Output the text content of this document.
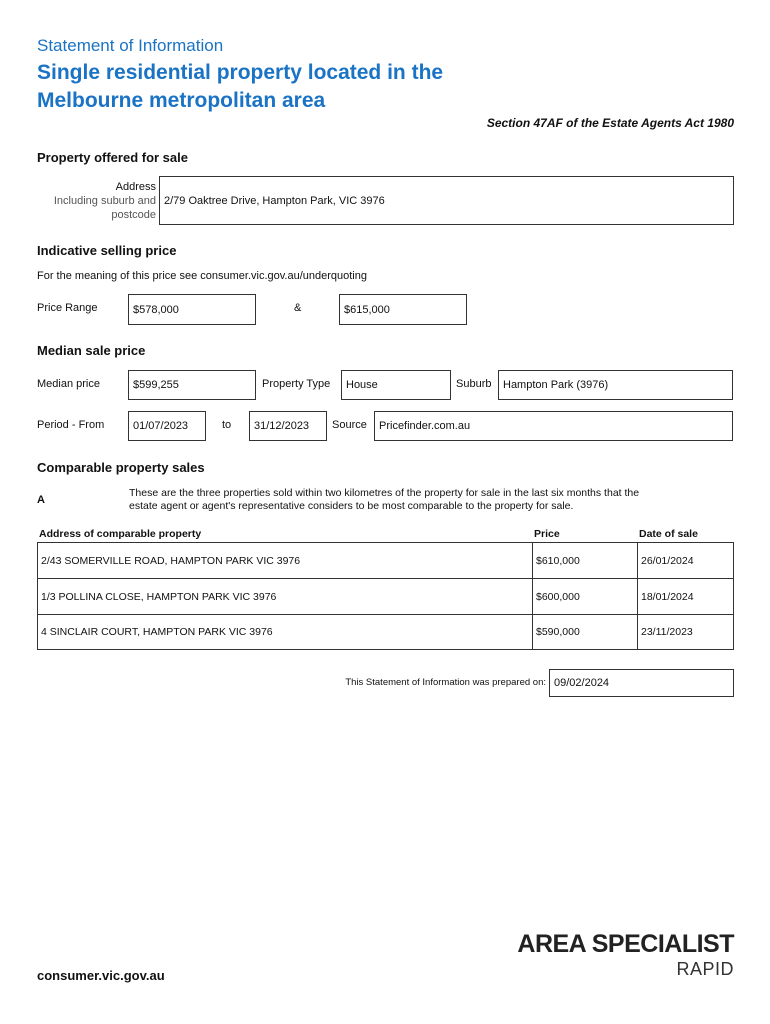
Statement of Information
Single residential property located in the
Melbourne metropolitan area
Section 47AF of the Estate Agents Act 1980
Property offered for sale
Address
Including suburb and
postcode
2/79 Oaktree Drive, Hampton Park, VIC 3976
Indicative selling price
For the meaning of this price see consumer.vic.gov.au/underquoting
Price Range	$578,000	&	$615,000
Median sale price
Median price	$599,255	Property Type House	Suburb Hampton Park (3976)
Period - From	01/07/2023	to 31/12/2023 Source Pricefinder.com.au
Comparable property sales
A
These are the three properties sold within two kilometres of the property for sale in the last six months that the
estate agent or agent's representative considers to be most comparable to the property for sale.
Address of comparable property	Price	Date of sale
2/43 SOMERVILLE ROAD, HAMPTON PARK VIC 3976	$610,000	26/01/2024
1/3 POLLINA CLOSE, HAMPTON PARK VIC 3976	$600,000	18/01/2024
4 SINCLAIR COURT, HAMPTON PARK VIC 3976	$590,000	23/11/2023
This Statement of Information was prepared on: 09/02/2024
consumer.vic.gov.au
AREA SPECIALIST
RAPID
